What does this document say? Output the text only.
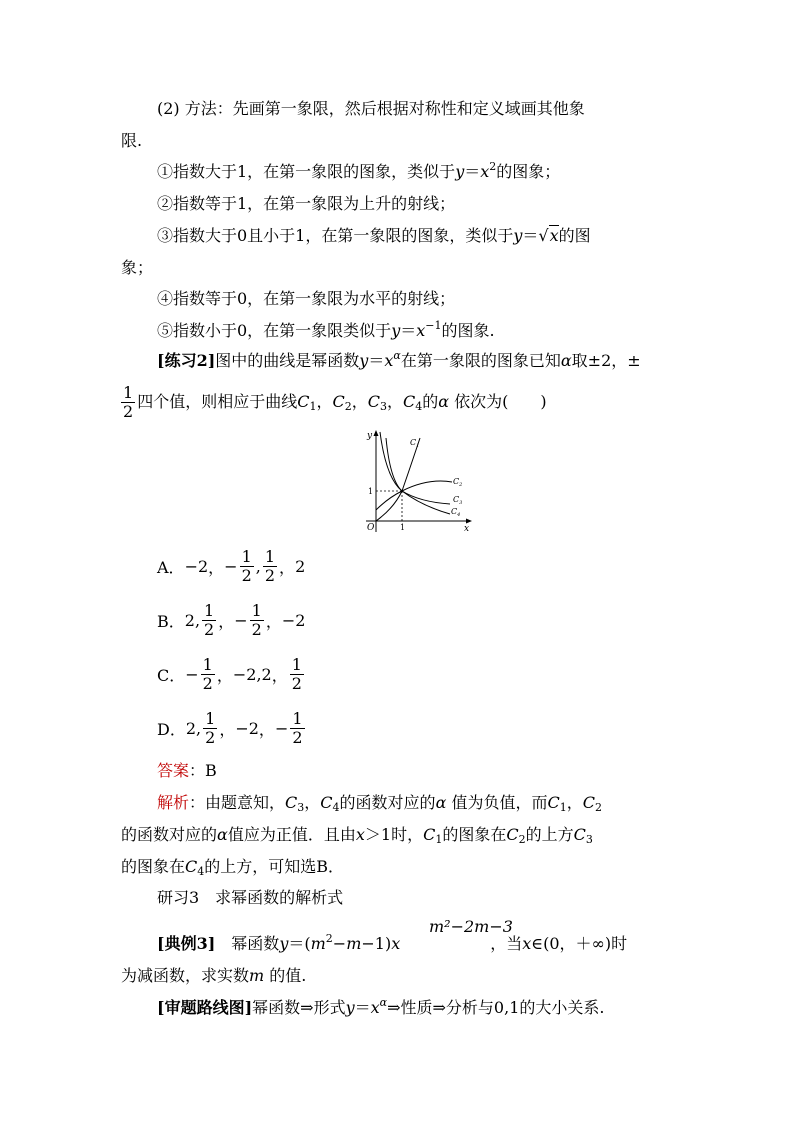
(2) 方法：先画第一象限，然后根据对称性和定义域画其他象
限.
①指数大于1，在第一象限的图象，类似于$y=x^2$的图象；
②指数等于1，在第一象限为上升的射线；
③指数大于0且小于1，在第一象限的图象，类似于y＝√x的图
象；
④指数等于0，在第一象限为水平的射线；
⑤指数小于0，在第一象限类似于$y=x^{-1}$的图象.
[练习2]图中的曲线是幂函数$y=x^\alpha$在第一象限的图象已知α取±2，±
$\frac{1}{2}$ 四个值，则相应于曲线$C_1$，$C_2$，$C_3$，$C_4$的α 依次为(　　)
y
x
O	1
1
$C_1$
$C_2$
$C_3$
$C_4$
A． −2 ， − $\frac{1}{2}$ , $\frac{1}{2}$ ， 2
B． 2 , $\frac{1}{2}$ ， − $\frac{1}{2}$ ， −2
C． − $\frac{1}{2}$ ， −2,2 ， $\frac{1}{2}$
D． 2 , $\frac{1}{2}$ ， −2 ， − $\frac{1}{2}$
答案：B
解析：由题意知，$C_3$，$C_4$的函数对应的α 值为负值，而$C_1$，$C_2$
的函数对应的α值应为正值．且由x＞1时，$C_1$的图象在$C_2$的上方$C_3$
的图象在$C_4$的上方，可知选B．
研习3　求幂函数的解析式
m²−2m−3
[典例3]　 幂函数$y=(m^2-m-1)x$	，当x∈(0，＋∞)时
为减函数，求实数m 的值.
[审题路线图]幂函数⇒形式$y=x^\alpha\Rightarrow$性质⇒分析与0,1的大小关系.
